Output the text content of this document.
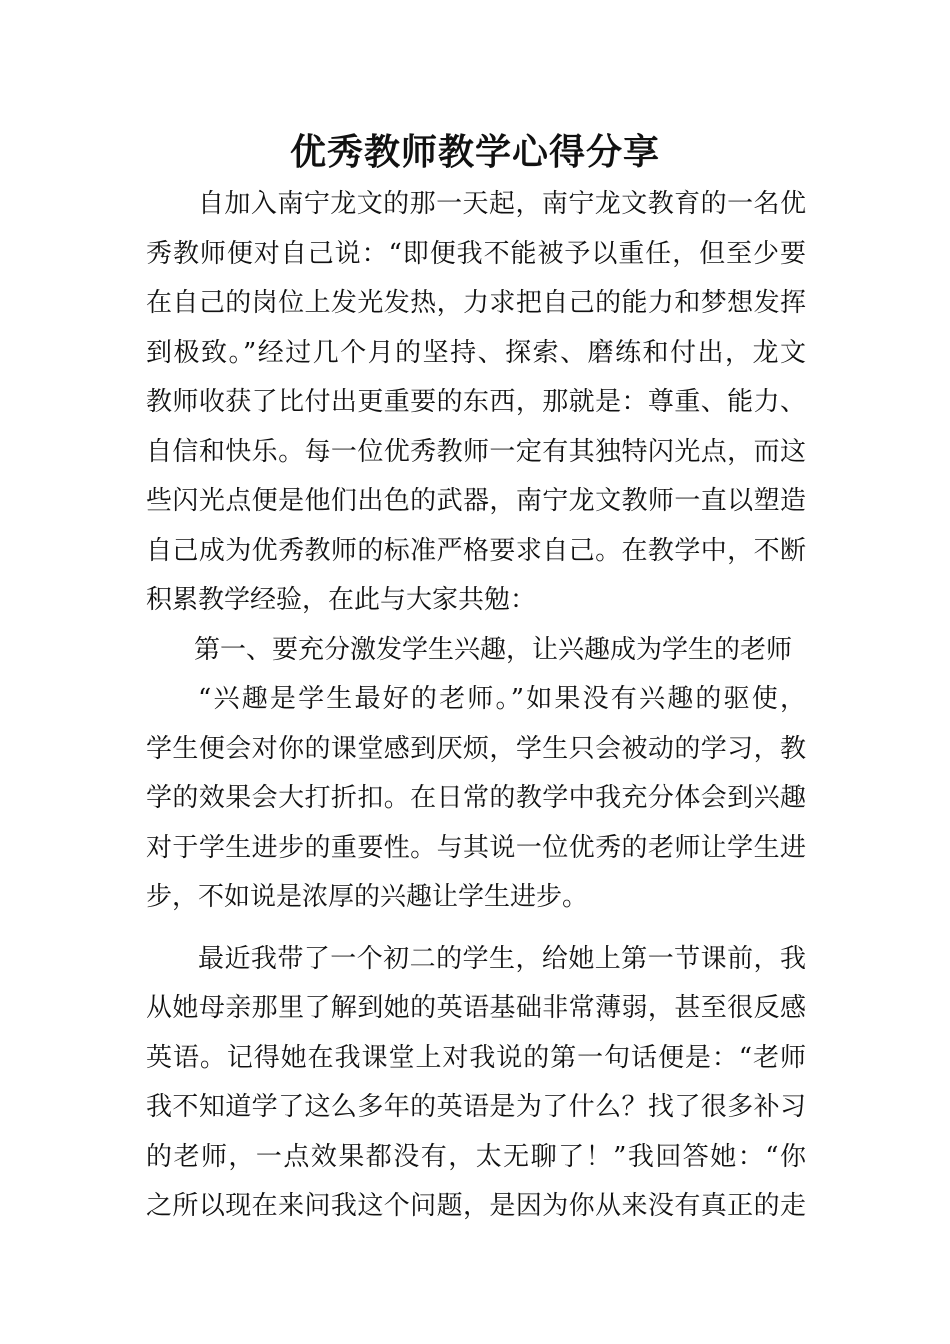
优秀教师教学心得分享
自加入南宁龙文的那一天起，南宁龙文教育的一名优
秀教师便对自己说：“即便我不能被予以重任，但至少要
在自己的岗位上发光发热，力求把自己的能力和梦想发挥
到极致。”经过几个月的坚持、探索、磨练和付出，龙文
教师收获了比付出更重要的东西，那就是：尊重、能力、
自信和快乐。每一位优秀教师一定有其独特闪光点，而这
些闪光点便是他们出色的武器，南宁龙文教师一直以塑造
自己成为优秀教师的标准严格要求自己。在教学中，不断
积累教学经验，在此与大家共勉：
第一、要充分激发学生兴趣，让兴趣成为学生的老师
“兴趣是学生最好的老师。”如果没有兴趣的驱使，
学生便会对你的课堂感到厌烦，学生只会被动的学习，教
学的效果会大打折扣。在日常的教学中我充分体会到兴趣
对于学生进步的重要性。与其说一位优秀的老师让学生进
步，不如说是浓厚的兴趣让学生进步。
最近我带了一个初二的学生，给她上第一节课前，我
从她母亲那里了解到她的英语基础非常薄弱，甚至很反感
英语。记得她在我课堂上对我说的第一句话便是：“老师
我不知道学了这么多年的英语是为了什么？找了很多补习
的老师，一点效果都没有，太无聊了！”我回答她：“你
之所以现在来问我这个问题，是因为你从来没有真正的走
